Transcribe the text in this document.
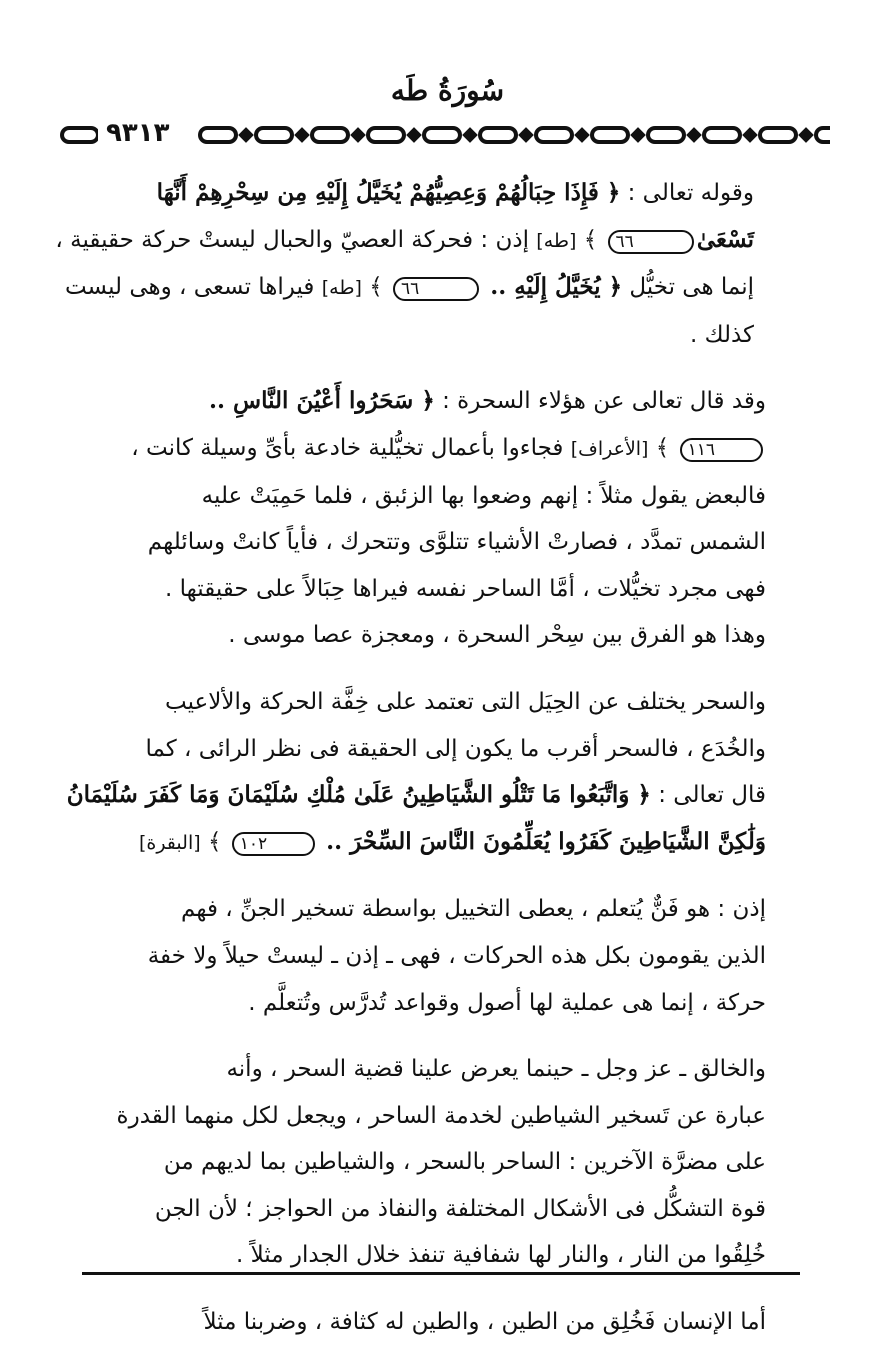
سُورَةُ طَه
٩٣١٣
وقوله تعالى : ﴿ فَإِذَا حِبَالُهُمْ وَعِصِيُّهُمْ يُخَيَّلُ إِلَيْهِ مِن سِحْرِهِمْ أَنَّهَا
تَسْعَىٰ٦٦ ﴾ [طه] إذن : فحركة العصيّ والحبال ليستْ حركة حقيقية ،
إنما هى تخيُّل ﴿ يُخَيَّلُ إِلَيْهِ .. ٦٦ ﴾ [طه] فيراها تسعى ، وهى ليست
كذلك .
وقد قال تعالى عن هؤلاء السحرة : ﴿ سَحَرُوا أَعْيُنَ النَّاسِ ..
١١٦ ﴾ [الأعراف] فجاءوا بأعمال تخيُّلية خادعة بأىِّ وسيلة كانت ،
فالبعض يقول مثلاً : إنهم وضعوا بها الزئبق ، فلما حَمِيَتْ عليه
الشمس تمدَّد ، فصارتْ الأشياء تتلوَّى وتتحرك ، فأياً كانتْ وسائلهم
فهى مجرد تخيُّلات ، أمَّا الساحر نفسه فيراها حِبَالاً على حقيقتها .
وهذا هو الفرق بين سِحْر السحرة ، ومعجزة عصا موسى .
والسحر يختلف عن الحِيَل التى تعتمد على خِفَّة الحركة والألاعيب
والخُدَع ، فالسحر أقرب ما يكون إلى الحقيقة فى نظر الرائى ، كما
قال تعالى : ﴿ وَاتَّبَعُوا مَا تَتْلُو الشَّيَاطِينُ عَلَىٰ مُلْكِ سُلَيْمَانَ وَمَا كَفَرَ سُلَيْمَانُ
وَلَٰكِنَّ الشَّيَاطِينَ كَفَرُوا يُعَلِّمُونَ النَّاسَ السِّحْرَ .. ١٠٢ ﴾ [البقرة]
إذن : هو فَنٌّ يُتعلم ، يعطى التخييل بواسطة تسخير الجنِّ ، فهم
الذين يقومون بكل هذه الحركات ، فهى ـ إذن ـ ليستْ حيلاً ولا خفة
حركة ، إنما هى عملية لها أصول وقواعد تُدرَّس وتُتعلَّم .
والخالق ـ عز وجل ـ حينما يعرض علينا قضية السحر ، وأنه
عبارة عن تَسخير الشياطين لخدمة الساحر ، ويجعل لكل منهما القدرة
على مضرَّة الآخرين : الساحر بالسحر ، والشياطين بما لديهم من
قوة التشكُّل فى الأشكال المختلفة والنفاذ من الحواجز ؛ لأن الجن
خُلِقُوا من النار ، والنار لها شفافية تنفذ خلال الجدار مثلاً .
أما الإنسان فَخُلِق من الطين ، والطين له كثافة ، وضربنا مثلاً
